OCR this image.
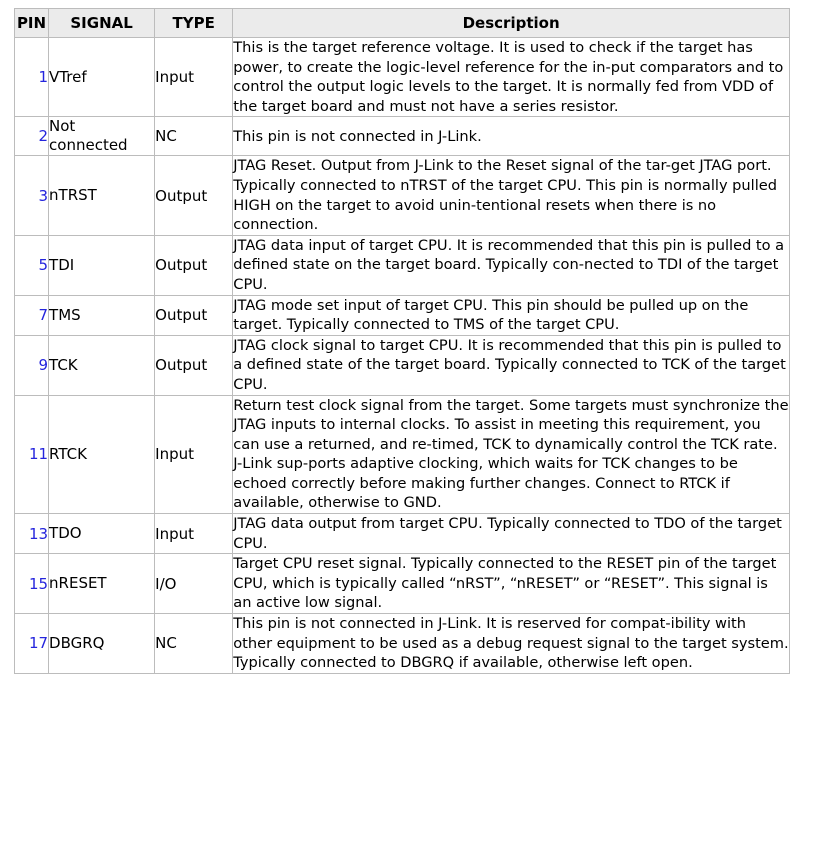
PIN	SIGNAL	TYPE	Description
1	VTref	Input	This is the target reference voltage. It is used to check if the target has power, to create the logic-level reference for the in-put comparators and to control the output logic levels to the target. It is normally fed from VDD of the target board and must not have a series resistor.
2	Not connected	NC	This pin is not connected in J-Link.
3	nTRST	Output	JTAG Reset. Output from J-Link to the Reset signal of the tar-get JTAG port. Typically connected to nTRST of the target CPU. This pin is normally pulled HIGH on the target to avoid unin-tentional resets when there is no connection.
5	TDI	Output	JTAG data input of target CPU. It is recommended that this pin is pulled to a defined state on the target board. Typically con-nected to TDI of the target CPU.
7	TMS	Output	JTAG mode set input of target CPU. This pin should be pulled up on the target. Typically connected to TMS of the target CPU.
9	TCK	Output	JTAG clock signal to target CPU. It is recommended that this pin is pulled to a defined state of the target board. Typically connected to TCK of the target CPU.
11	RTCK	Input	Return test clock signal from the target. Some targets must synchronize the JTAG inputs to internal clocks. To assist in meeting this requirement, you can use a returned, and re-timed, TCK to dynamically control the TCK rate. J-Link sup-ports adaptive clocking, which waits for TCK changes to be echoed correctly before making further changes. Connect to RTCK if available, otherwise to GND.
13	TDO	Input	JTAG data output from target CPU. Typically connected to TDO of the target CPU.
15	nRESET	I/O	Target CPU reset signal. Typically connected to the RESET pin of the target CPU, which is typically called “nRST”, “nRESET” or “RESET”. This signal is an active low signal.
17	DBGRQ	NC	This pin is not connected in J-Link. It is reserved for compat-ibility with other equipment to be used as a debug request signal to the target system. Typically connected to DBGRQ if available, otherwise left open.
